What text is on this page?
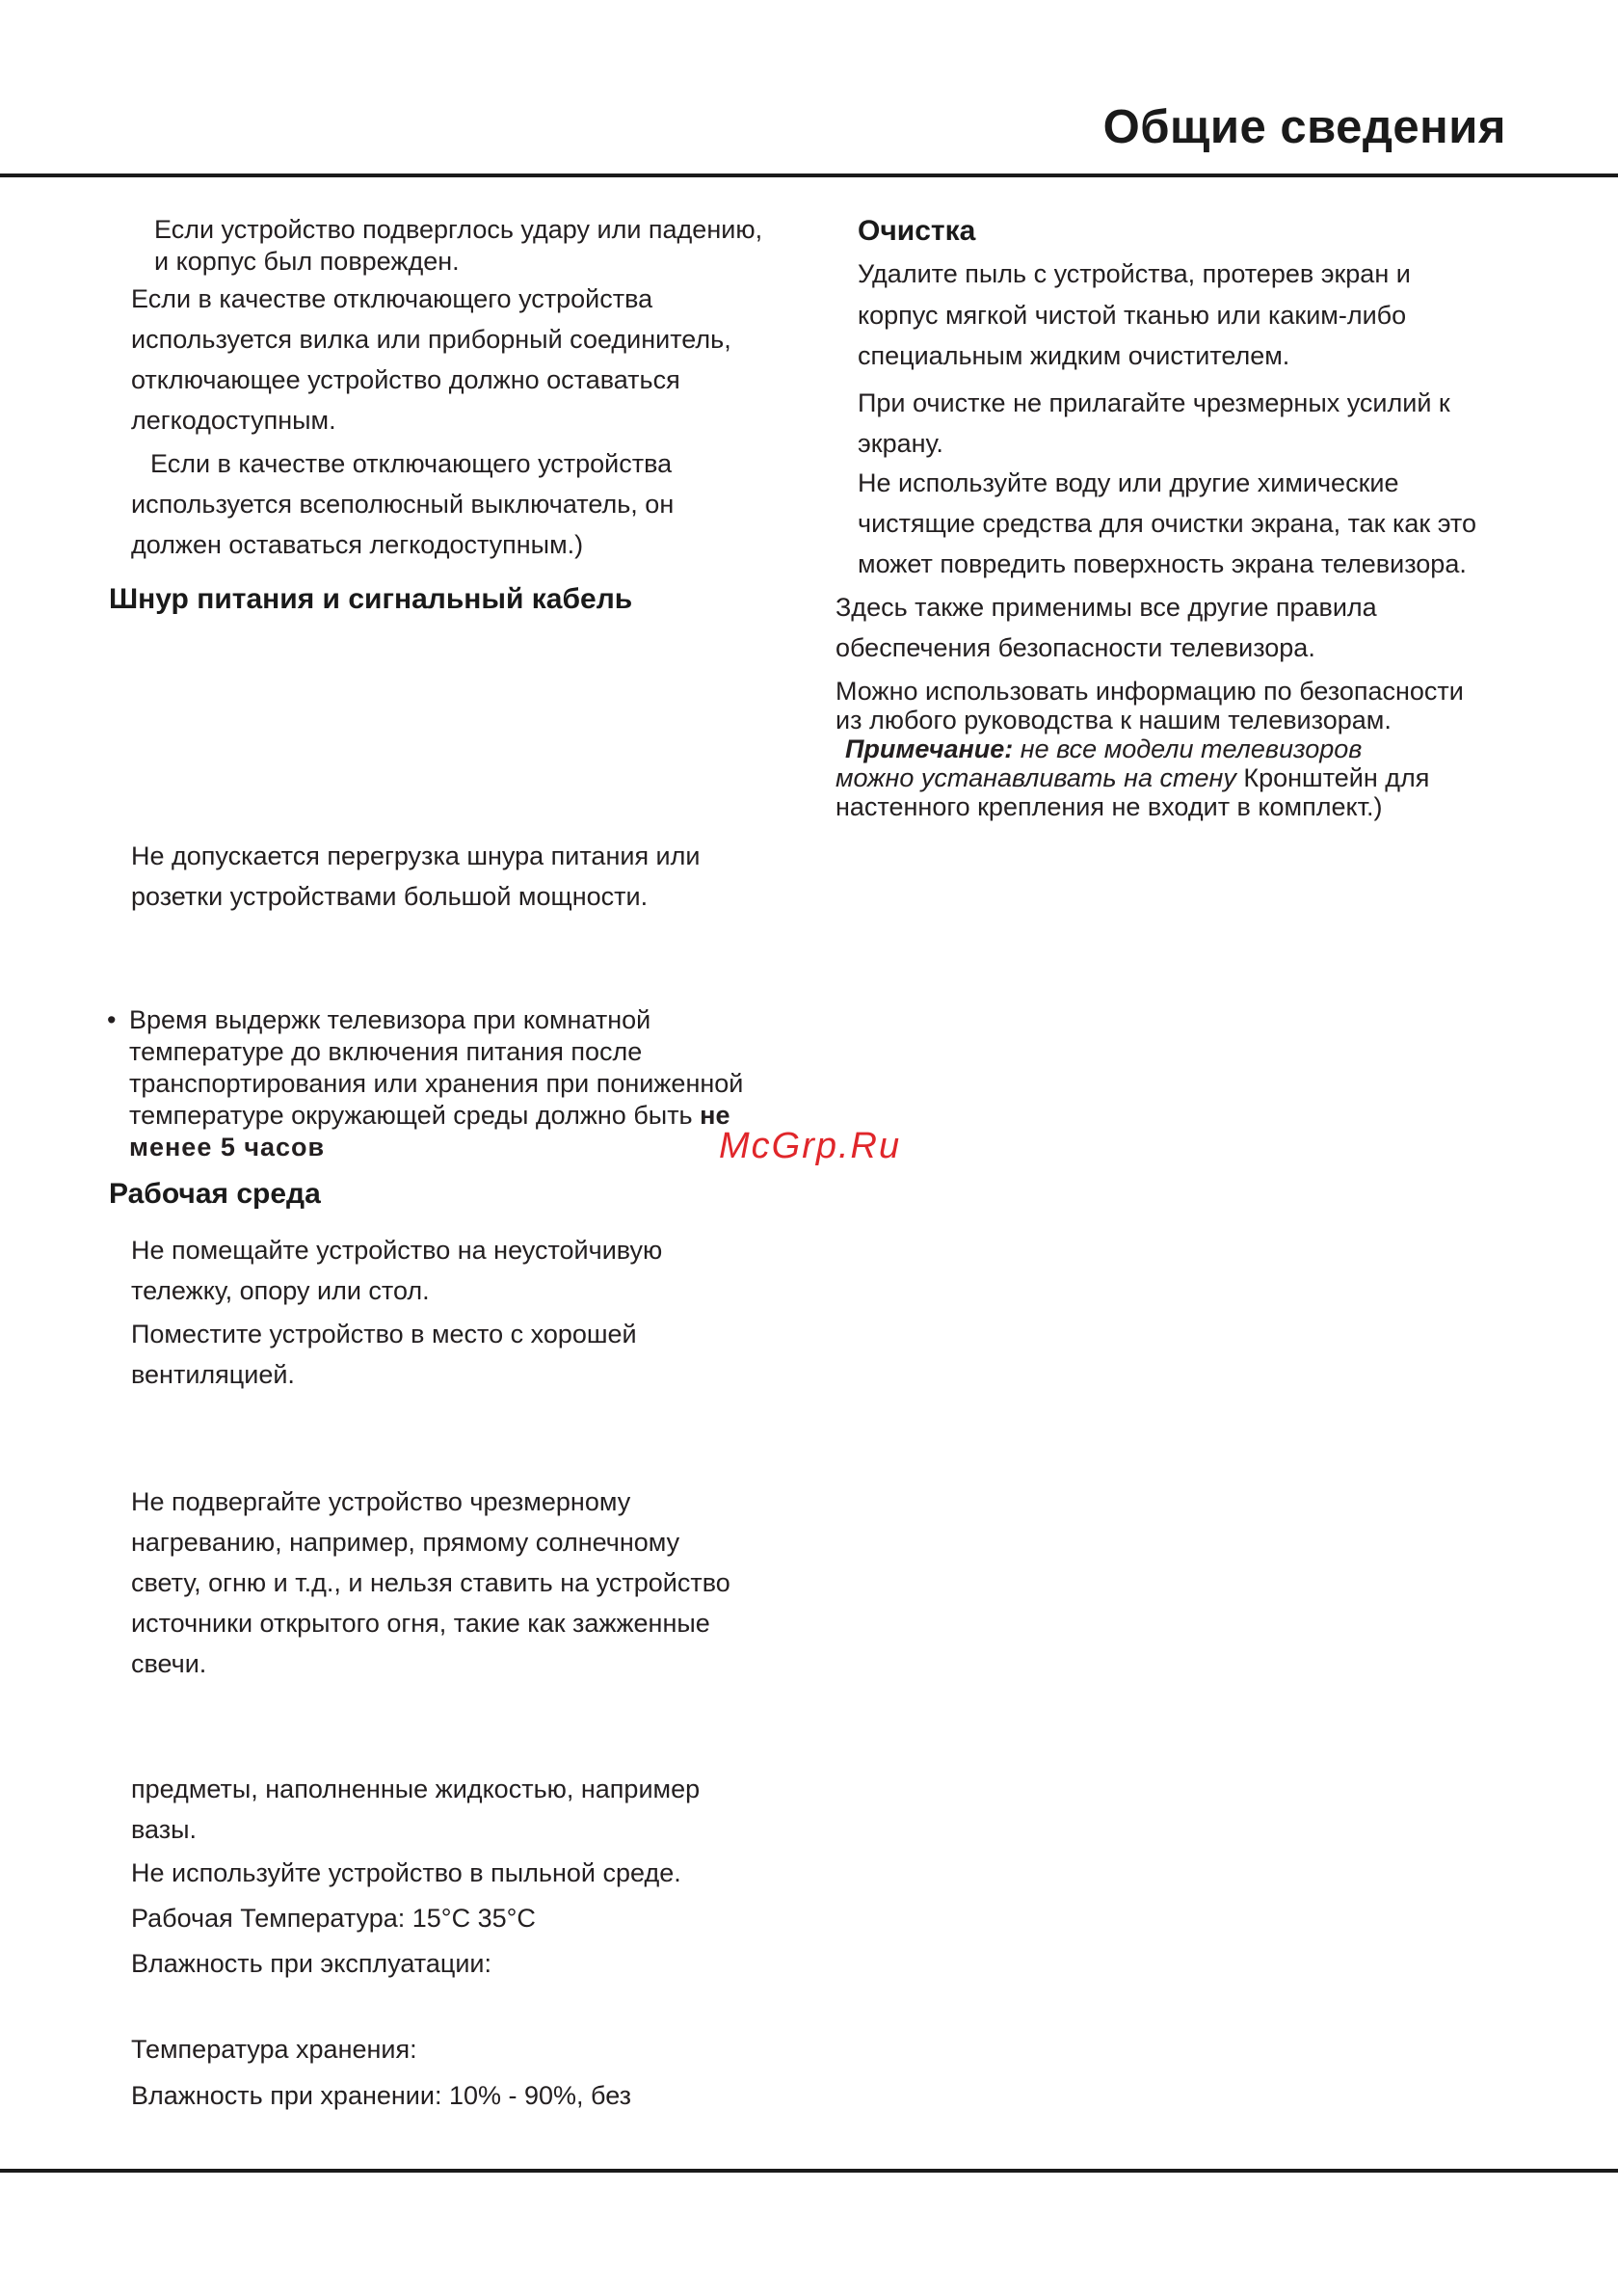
Общие сведения
Если устройство подверглось удару или падению,
и корпус был поврежден.
Если в качестве отключающего устройства
используется вилка или приборный соединитель,
отключающее устройство должно оставаться
легкодоступным.
Если в качестве отключающего устройства
используется всеполюсный выключатель, он
должен оставаться легкодоступным.)
Шнур питания и сигнальный кабель
Не допускается перегрузка шнура питания или
розетки устройствами большой мощности.
• Время выдержк телевизора при комнатной
температуре до включения питания после
транспортирования или хранения при пониженной
температуре окружающей среды должно быть не
менее 5 часов
Рабочая среда
Не помещайте устройство на неустойчивую
тележку, опору или стол.
Поместите устройство в место с хорошей
вентиляцией.
Не подвергайте устройство чрезмерному
нагреванию, например, прямому солнечному
свету, огню и т.д., и нельзя ставить на устройство
источники открытого огня, такие как зажженные
свечи.
предметы, наполненные жидкостью, например
вазы.
Не используйте устройство в пыльной среде.
Рабочая Температура: 15°C 35°C
Влажность при эксплуатации:
Температура хранения:
Влажность при хранении: 10% - 90%, без
Очистка
Удалите пыль с устройства, протерев экран и
корпус мягкой чистой тканью или каким-либо
специальным жидким очистителем.
При очистке не прилагайте чрезмерных усилий к
экрану.
Не используйте воду или другие химические
чистящие средства для очистки экрана, так как это
может повредить поверхность экрана телевизора.
Здесь также применимы все другие правила
обеспечения безопасности телевизора.
Можно использовать информацию по безопасности
из любого руководства к нашим телевизорам.
Примечание: не все модели телевизоров
можно устанавливать на стену Кронштейн для
настенного крепления не входит в комплект.)
McGrp.Ru
